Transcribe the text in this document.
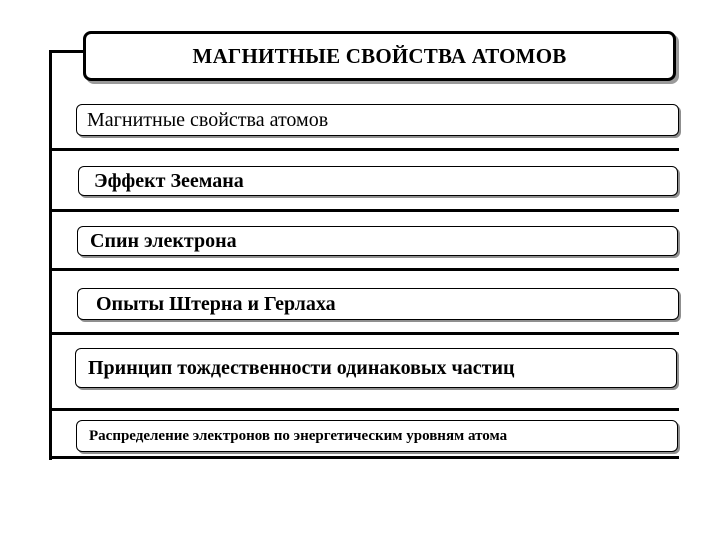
МАГНИТНЫЕ СВОЙСТВА АТОМОВ
Магнитные свойства атомов
Эффект Зеемана
Спин электрона
Опыты Штерна и Герлаха
Принцип тождественности одинаковых частиц
Распределение электронов по энергетическим уровням атома
